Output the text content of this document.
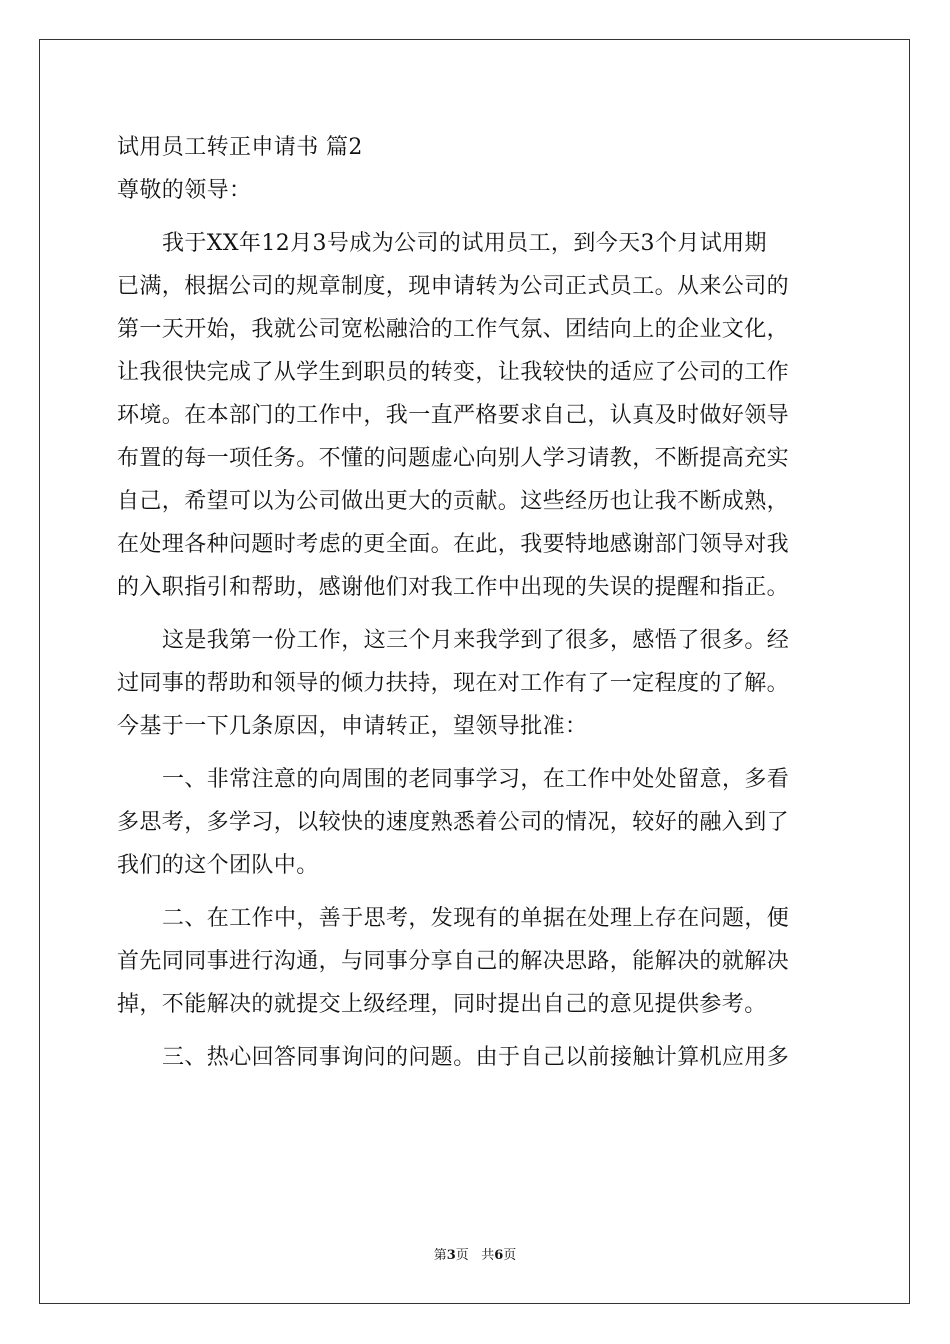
试用员工转正申请书 篇2
尊敬的领导：
我于XX年12月3号成为公司的试用员工，到今天3个月试用期
已满，根据公司的规章制度，现申请转为公司正式员工。从来公司的
第一天开始，我就公司宽松融洽的工作气氛、团结向上的企业文化，
让我很快完成了从学生到职员的转变，让我较快的适应了公司的工作
环境。在本部门的工作中，我一直严格要求自己，认真及时做好领导
布置的每一项任务。不懂的问题虚心向别人学习请教，不断提高充实
自己，希望可以为公司做出更大的贡献。这些经历也让我不断成熟，
在处理各种问题时考虑的更全面。在此，我要特地感谢部门领导对我
的入职指引和帮助，感谢他们对我工作中出现的失误的提醒和指正。
这是我第一份工作，这三个月来我学到了很多，感悟了很多。经
过同事的帮助和领导的倾力扶持，现在对工作有了一定程度的了解。
今基于一下几条原因，申请转正，望领导批准：
一、非常注意的向周围的老同事学习，在工作中处处留意，多看
多思考，多学习，以较快的速度熟悉着公司的情况，较好的融入到了
我们的这个团队中。
二、在工作中，善于思考，发现有的单据在处理上存在问题，便
首先同同事进行沟通，与同事分享自己的解决思路，能解决的就解决
掉，不能解决的就提交上级经理，同时提出自己的意见提供参考。
三、热心回答同事询问的问题。由于自己以前接触计算机应用多
第3页 共6页
